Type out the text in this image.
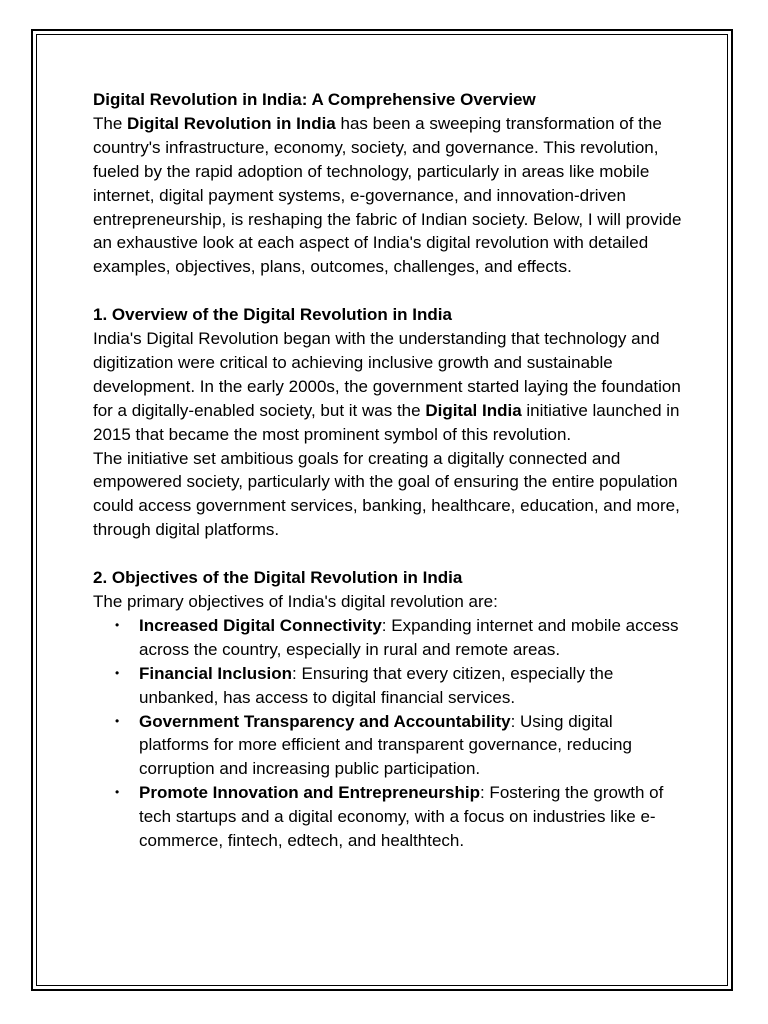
Digital Revolution in India: A Comprehensive Overview

The Digital Revolution in India has been a sweeping transformation of the country's infrastructure, economy, society, and governance. This revolution, fueled by the rapid adoption of technology, particularly in areas like mobile internet, digital payment systems, e-governance, and innovation-driven entrepreneurship, is reshaping the fabric of Indian society. Below, I will provide an exhaustive look at each aspect of India's digital revolution with detailed examples, objectives, plans, outcomes, challenges, and effects.

1. Overview of the Digital Revolution in India

India's Digital Revolution began with the understanding that technology and digitization were critical to achieving inclusive growth and sustainable development. In the early 2000s, the government started laying the foundation for a digitally-enabled society, but it was the Digital India initiative launched in 2015 that became the most prominent symbol of this revolution.

The initiative set ambitious goals for creating a digitally connected and empowered society, particularly with the goal of ensuring the entire population could access government services, banking, healthcare, education, and more, through digital platforms.

2. Objectives of the Digital Revolution in India

The primary objectives of India's digital revolution are:

• Increased Digital Connectivity: Expanding internet and mobile access across the country, especially in rural and remote areas.
• Financial Inclusion: Ensuring that every citizen, especially the unbanked, has access to digital financial services.
• Government Transparency and Accountability: Using digital platforms for more efficient and transparent governance, reducing corruption and increasing public participation.
• Promote Innovation and Entrepreneurship: Fostering the growth of tech startups and a digital economy, with a focus on industries like e-commerce, fintech, edtech, and healthtech.
